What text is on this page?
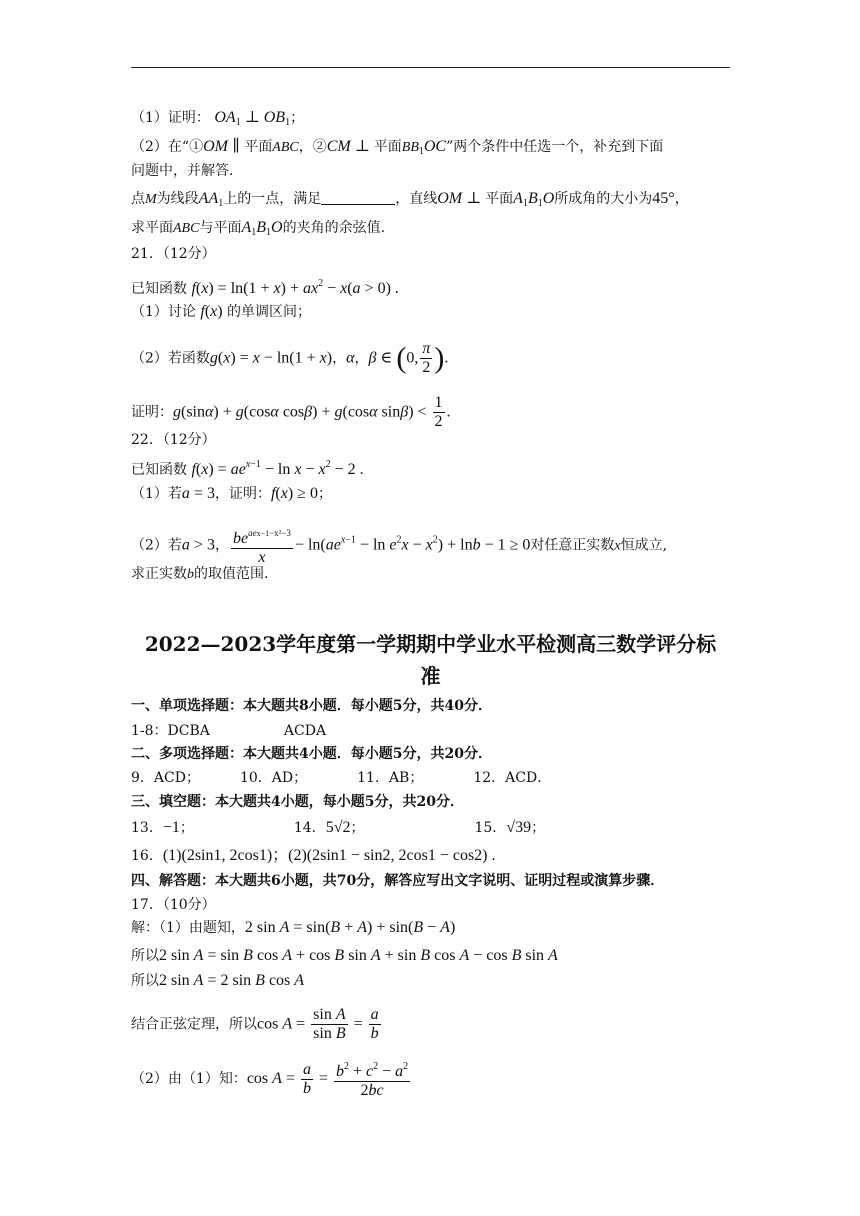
（1）证明： $OA_1$ ⊥ $OB_1$；
（2）在“①OM ∥ 平面ABC，②CM ⊥ 平面$BB_1OC$”两个条件中任选一个，补充到下面
问题中，并解答.
点M为线段$AA_1$上的一点，满足	，直线OM ⊥ 平面$A_1B_1O$所成角的大小为45°，
求平面ABC与平面$A_1B_1O$的夹角的余弦值.
21．（12分）
已知函数 $f(x) = \ln(1 + x) + ax^2 - x(a > 0)$ .
（1）讨论 f(x) 的单调区间；
（2）若函数g(x) = x − ln(1 + x)，α，β ∈ (0, $\frac{\pi}{2}$ ).
证明：g(sinα) + g(cosα cosβ) + g(cosα $\sin\beta) < \frac{1}{2}$ .
22．（12分）
已知函数 $f(x) = ae^{x-1} - \ln x - x^2 - 2$ .
（1）若a = 3，证明：f(x) ≥ 0；
（2）若a > 3， $\frac{be^{aex-1-x^2-3}}{x} - \ln(ae^{x-1} - \ln e^2x - x^2) + \ln b - 1 \ge 0$对任意正实数x恒成立,
求正实数b的取值范围.
2022—2023学年度第一学期期中学业水平检测高三数学评分标
准
一、单项选择题：本大题共8小题．每小题5分，共40分．
1-8：DCBA	ACDA
二、多项选择题：本大题共4小题．每小题5分，共20分．
9．ACD；	10．AD；	11．AB；	12．ACD．
三、填空题：本大题共4小题，每小题5分，共20分．
13．−1；	14．5√2；	15．√39；
16．(1)(2sin1, 2cos1)；(2)(2sin1 − sin2, 2cos1 − cos2) .
四、解答题：本大题共6小题，共70分，解答应写出文字说明、证明过程或演算步骤．
17．（10分）
解：（1）由题知，2 sin A = sin(B + A) + sin(B − A)
所以2 sin A = sin B cos A + cos B sin A + sin B cos A − cos B sin A
所以2 sin A = 2 sin B cos A
结合正弦定理，所以$\cos A = \frac{\text{sin A}}{\text{sin B}} = \frac{a}{b}$
（2）由（1）知：$\cos A = \frac{a}{b} = \frac{b^2 + c^2 - a^2}{2bc}$
